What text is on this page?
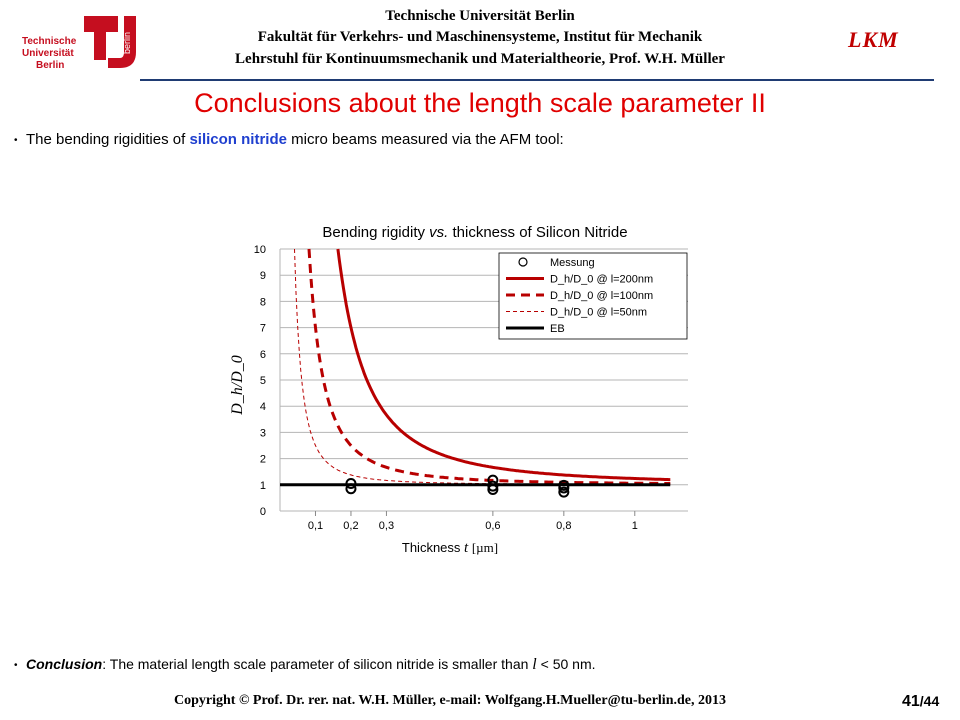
berlin
Technische
Universität
Berlin
Technische Universität Berlin
Fakultät für Verkehrs- und Maschinensysteme, Institut für Mechanik
Lehrstuhl für Kontinuumsmechanik und Materialtheorie, Prof. W.H. Müller
LKM
Conclusions about the length scale parameter II
• The bending rigidities of silicon nitride micro beams measured via the AFM tool:
Bending rigidity vs. thickness of Silicon Nitride
0
1
2
3
4
5
6
7
8
9
10
0,1 0,2 0,3	0,6	0,8	1
D_h/D_0
Thickness t [µm]
Messung
D_h/D_0 @ l=200nm
D_h/D_0 @ l=100nm
D_h/D_0 @ l=50nm
EB
• Conclusion: The material length scale parameter of silicon nitride is smaller than l < 50 nm.
Copyright © Prof. Dr. rer. nat. W.H. Müller, e-mail: Wolfgang.H.Mueller@tu-berlin.de, 2013	41/44
